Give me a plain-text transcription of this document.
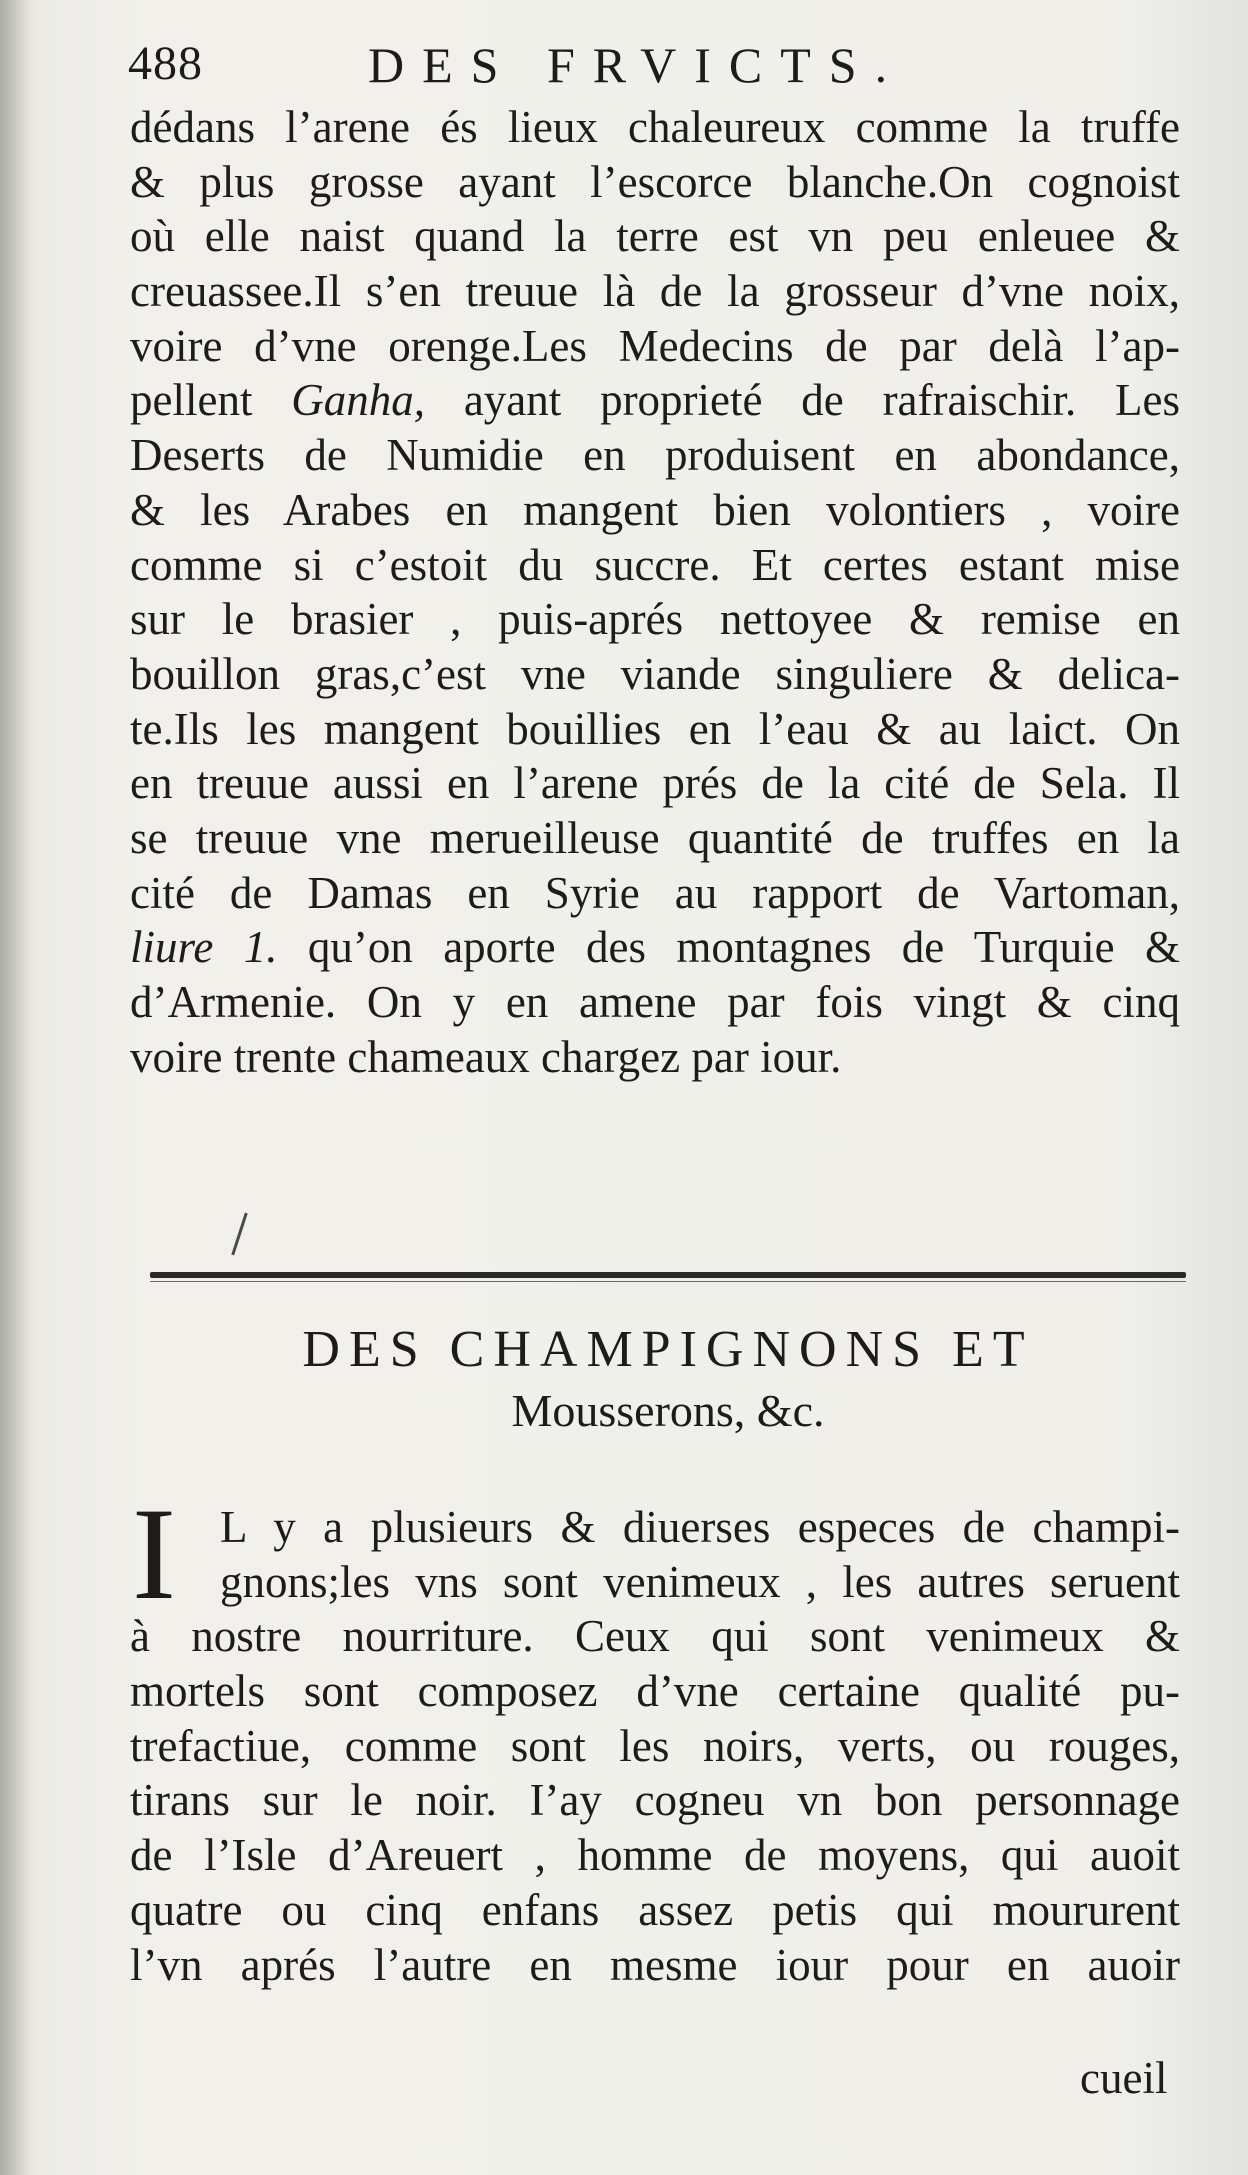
488	DES FRVICTS.
dédans l’arene és lieux chaleureux comme la truffe
& plus grosse ayant l’escorce blanche.On cognoist
où elle naist quand la terre est vn peu enleuee &
creuassee.Il s’en treuue là de la grosseur d’vne noix,
voire d’vne orenge.Les Medecins de par delà l’ap-
pellent Ganha, ayant proprieté de rafraischir. Les
Deserts de Numidie en produisent en abondance,
& les Arabes en mangent bien volontiers , voire
comme si c’estoit du succre. Et certes estant mise
sur le brasier , puis-aprés nettoyee & remise en
bouillon gras,c’est vne viande singuliere & delica-
te.Ils les mangent bouillies en l’eau & au laict. On
en treuue aussi en l’arene prés de la cité de Sela. Il
se treuue vne merueilleuse quantité de truffes en la
cité de Damas en Syrie au rapport de Vartoman,
liure 1. qu’on aporte des montagnes de Turquie &
d’Armenie. On y en amene par fois vingt & cinq
voire trente chameaux chargez par iour.
DES CHAMPIGNONS ET
Mousserons, &c.
I L y a plusieurs & diuerses especes de champi-
gnons;les vns sont venimeux , les autres seruent
à nostre nourriture. Ceux qui sont venimeux &
mortels sont composez d’vne certaine qualité pu-
trefactiue, comme sont les noirs, verts, ou rouges,
tirans sur le noir. I’ay cogneu vn bon personnage
de l’Isle d’Areuert , homme de moyens, qui auoit
quatre ou cinq enfans assez petis qui moururent
l’vn aprés l’autre en mesme iour pour en auoir
cueil
